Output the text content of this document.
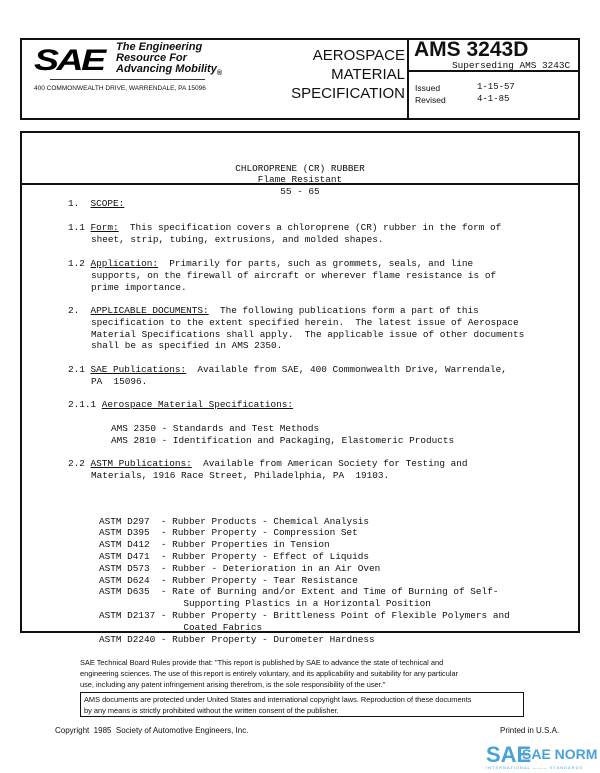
SAE The Engineering
Resource For
Advancing Mobility$_®$
400 COMMONWEALTH DRIVE, WARRENDALE, PA 15096
AEROSPACE
MATERIAL
SPECIFICATION
AMS 3243D
Superseding AMS 3243C
Issued
Revised
1-15-57
4-1-85

CHLOROPRENE (CR) RUBBER
Flame Resistant
55 - 65

1. SCOPE:
1.1 Form:  This specification covers a chloroprene (CR) rubber in the form of
sheet, strip, tubing, extrusions, and molded shapes.
1.2 Application:  Primarily for parts, such as grommets, seals, and line
supports, on the firewall of aircraft or wherever flame resistance is of
prime importance.
2. APPLICABLE DOCUMENTS:  The following publications form a part of this
specification to the extent specified herein.  The latest issue of Aerospace
Material Specifications shall apply.  The applicable issue of other documents
shall be as specified in AMS 2350.
2.1 SAE Publications:  Available from SAE, 400 Commonwealth Drive, Warrendale,
PA  15096.
2.1.1 Aerospace Material Specifications:
AMS 2350 - Standards and Test Methods
AMS 2810 - Identification and Packaging, Elastomeric Products
2.2 ASTM Publications:  Available from American Society for Testing and
Materials, 1916 Race Street, Philadelphia, PA  19103.

ASTM D297  - Rubber Products - Chemical Analysis
ASTM D395  - Rubber Property - Compression Set
ASTM D412  - Rubber Properties in Tension
ASTM D471  - Rubber Property - Effect of Liquids
ASTM D573  - Rubber - Deterioration in an Air Oven
ASTM D624  - Rubber Property - Tear Resistance
ASTM D635  - Rate of Burning and/or Extent and Time of Burning of Self-
Supporting Plastics in a Horizontal Position
ASTM D2137 - Rubber Property - Brittleness Point of Flexible Polymers and
Coated Fabrics
ASTM D2240 - Rubber Property - Durometer Hardness

SAE Technical Board Rules provide that: "This report is published by SAE to advance the state of technical and
engineering sciences. The use of this report is entirely voluntary, and its applicability and suitability for any particular
use, including any patent infringement arising therefrom, is the sole responsibility of the user."
AMS documents are protected under United States and international copyright laws. Reproduction of these documents
by any means is strictly prohibited without the written consent of the publisher.
Copyright  1985  Society of Automotive Engineers, Inc.	Printed in U.S.A.
SAE
SAE NORM
INTERNATIONAL ——— STANDARDS
